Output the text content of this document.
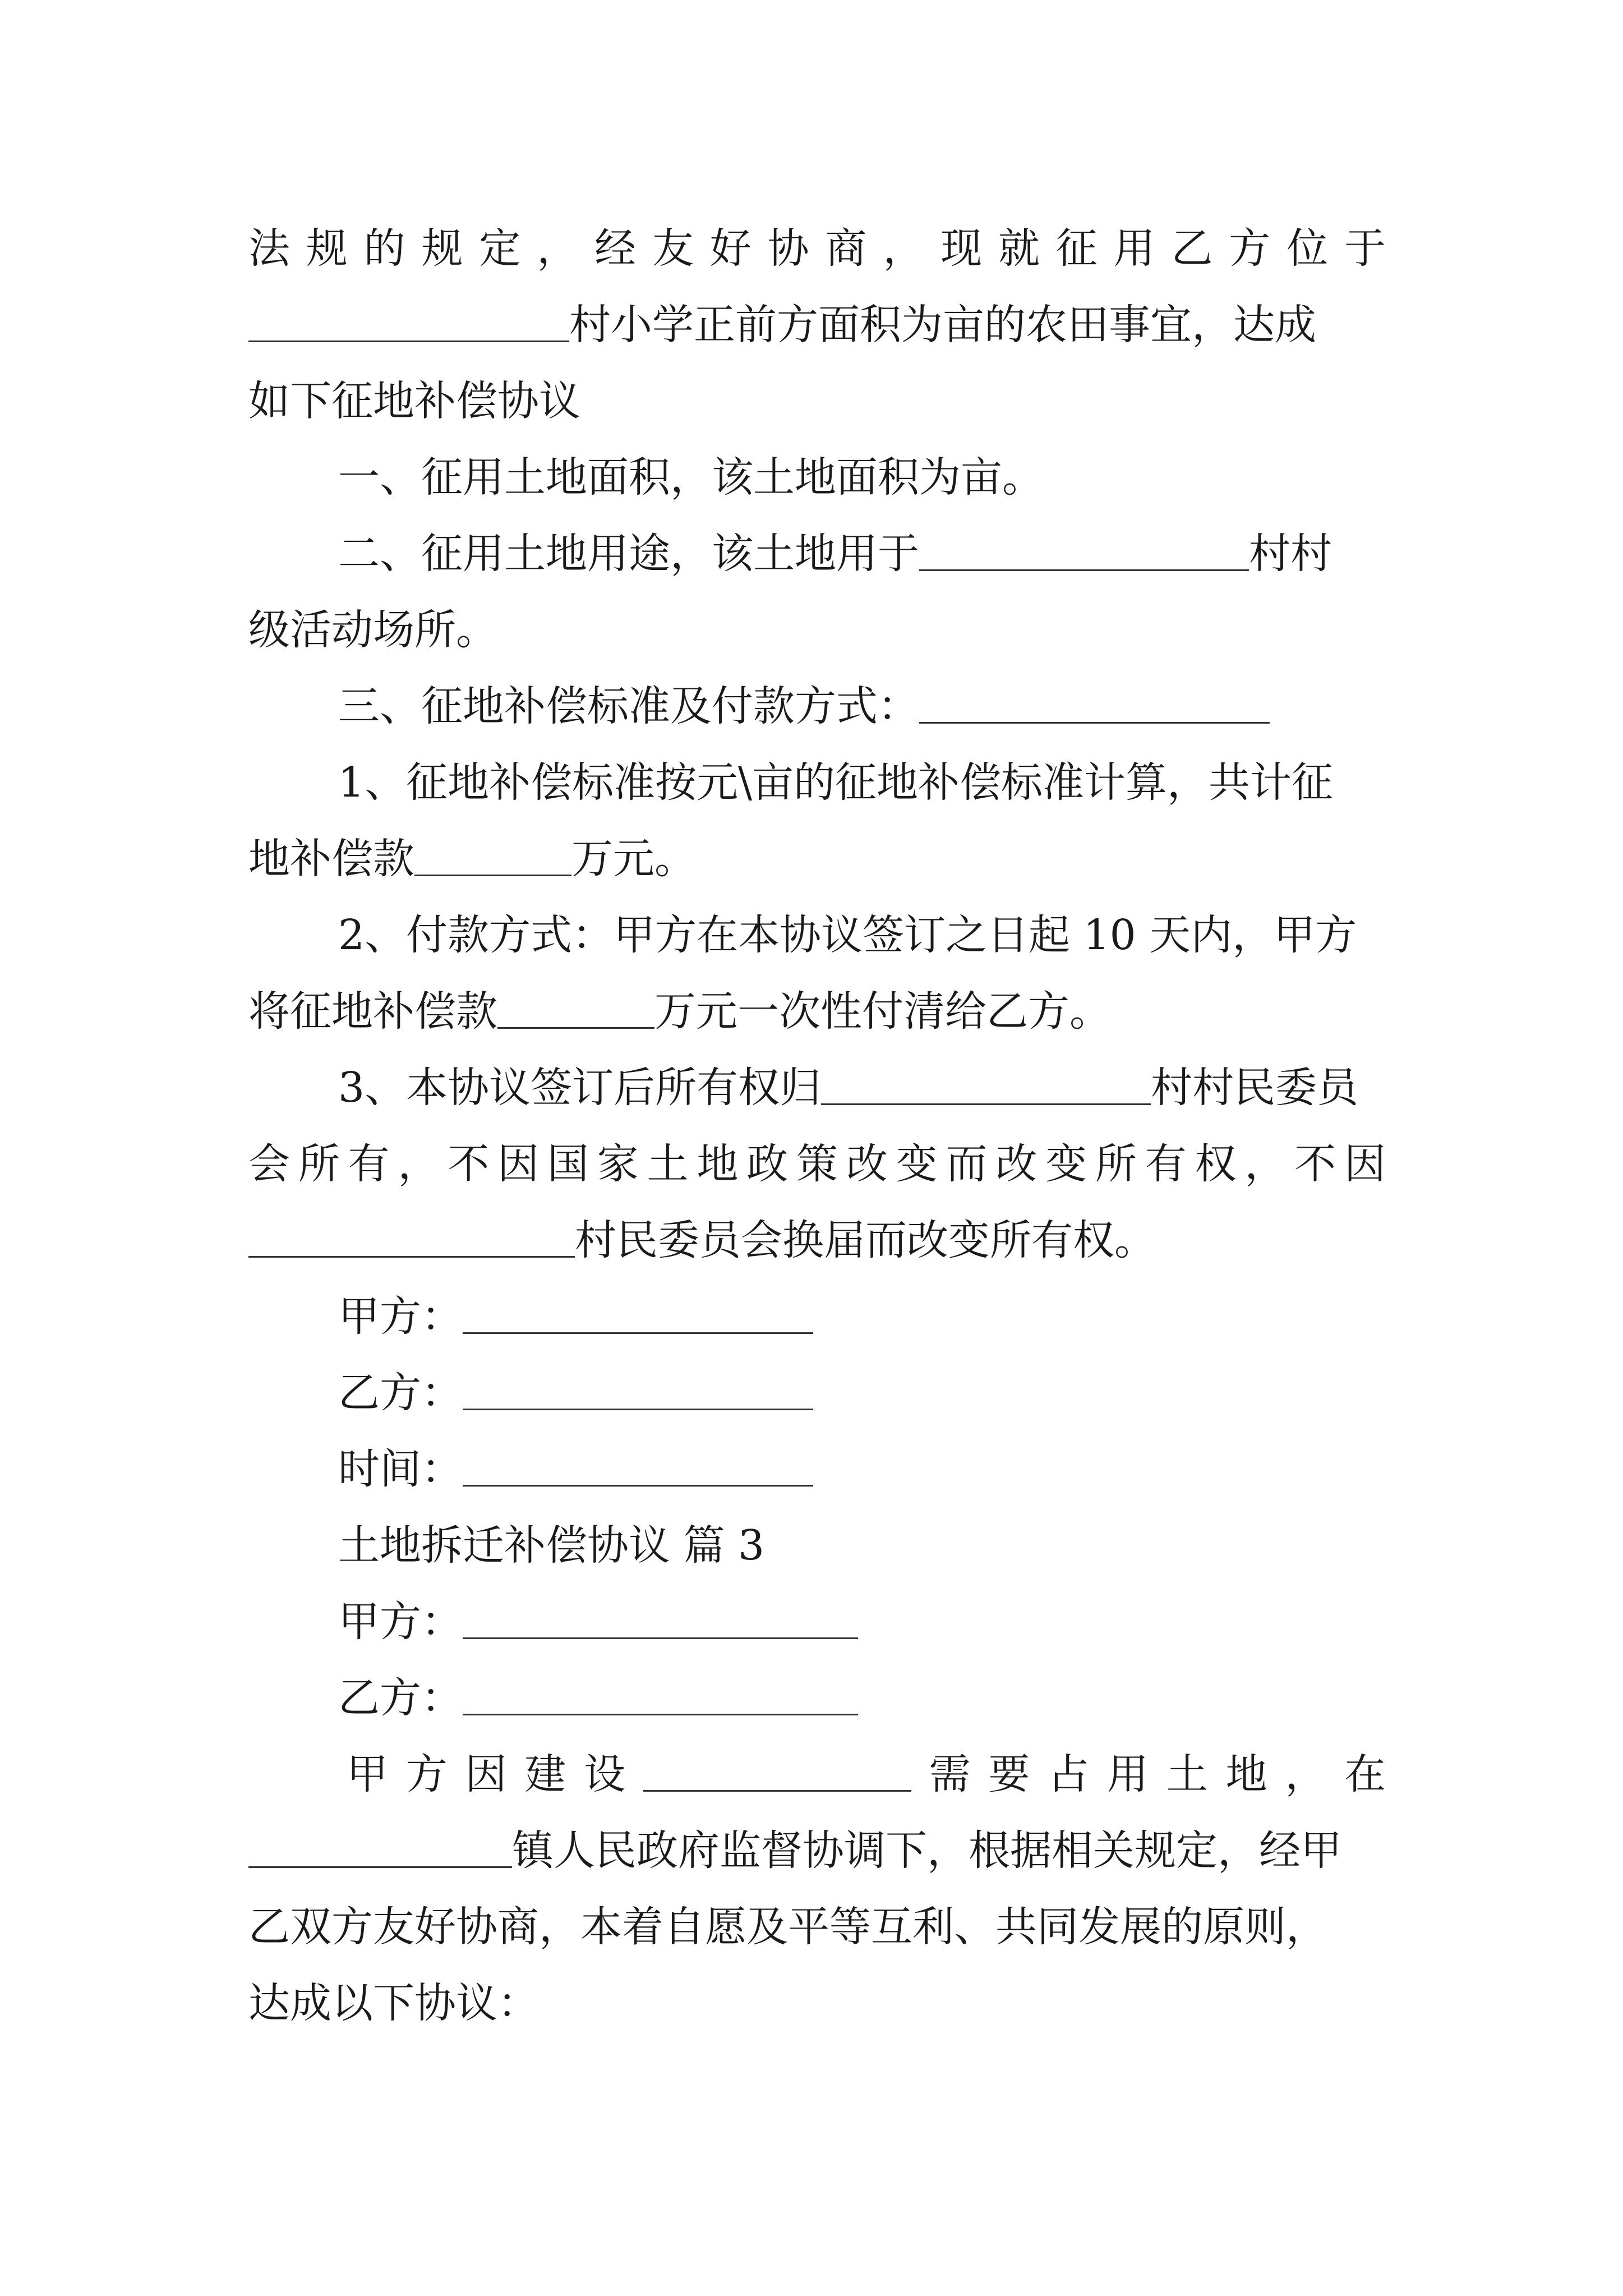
法规的规定，经友好协商，现就征用乙方位于
村小学正前方面积为亩的农田事宜，达成
如下征地补偿协议
一、征用土地面积，该土地面积为亩。
二、征用土地用途，该土地用于	村村
级活动场所。
三、征地补偿标准及付款方式：
1、征地补偿标准按元\亩的征地补偿标准计算，共计征
地补偿款	万元。
2、付款方式：甲方在本协议签订之日起 10 天内，甲方
将征地补偿款	万元一次性付清给乙方。
3、本协议签订后所有权归	村村民委员
会所有，不因国家土地政策改变而改变所有权，不因
村民委员会换届而改变所有权。
甲方：
乙方：
时间：
土地拆迁补偿协议 篇 3
甲方：
乙方：
甲方因建设	需要占用土地，在
镇人民政府监督协调下，根据相关规定，经甲
乙双方友好协商，本着自愿及平等互利、共同发展的原则，
达成以下协议：
